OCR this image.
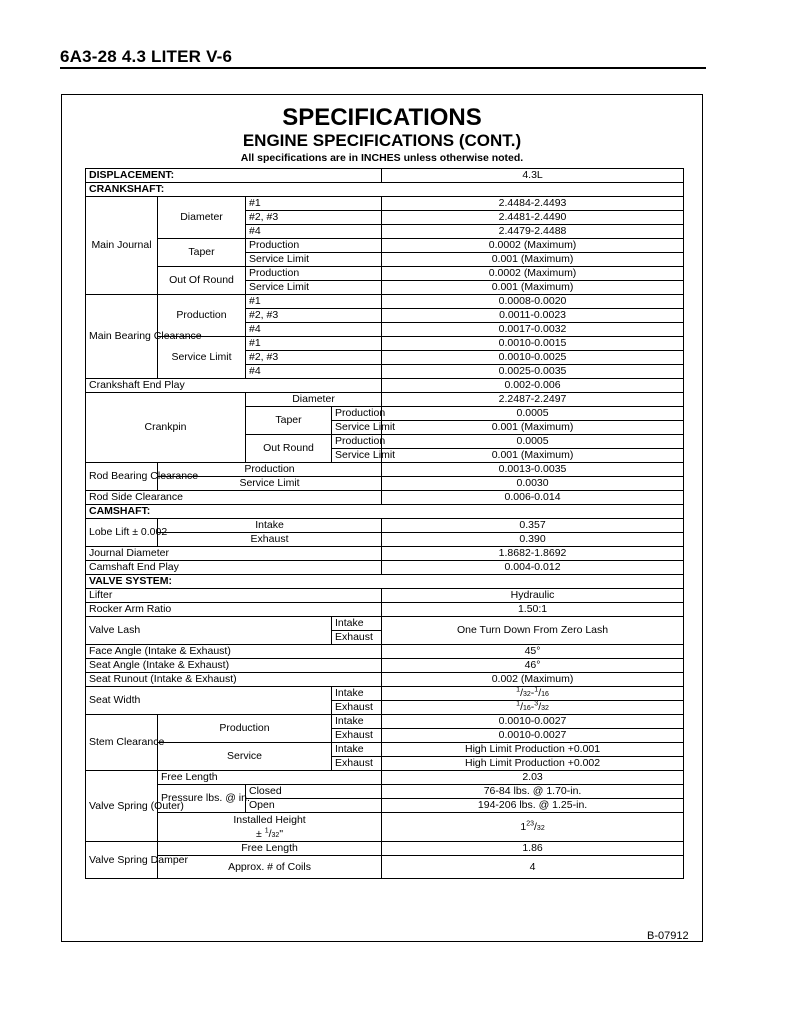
6A3-28 4.3 LITER V-6
SPECIFICATIONS
ENGINE SPECIFICATIONS (CONT.)
All specifications are in INCHES unless otherwise noted.
DISPLACEMENT:				4.3L
CRANKSHAFT:				
Main Journal	Diameter	#1		2.4484-2.4493
		#2, #3		2.4481-2.4490
		#4		2.4479-2.4488
	Taper	Production		0.0002 (Maximum)
		Service Limit		0.001 (Maximum)
	Out Of Round	Production		0.0002 (Maximum)
		Service Limit		0.001 (Maximum)
Main Bearing Clearance	Production	#1		0.0008-0.0020
		#2, #3		0.0011-0.0023
		#4		0.0017-0.0032
	Service Limit	#1		0.0010-0.0015
		#2, #3		0.0010-0.0025
		#4		0.0025-0.0035
Crankshaft End Play				0.002-0.006
Crankpin		Diameter		2.2487-2.2497
		Taper	Production	0.0005
			Service Limit	0.001 (Maximum)
		Out Round	Production	0.0005
			Service Limit	0.001 (Maximum)
Rod Bearing Clearance	Production			0.0013-0.0035
	Service Limit			0.0030
Rod Side Clearance				0.006-0.014
CAMSHAFT:				
Lobe Lift ± 0.002	Intake			0.357
	Exhaust			0.390
Journal Diameter				1.8682-1.8692
Camshaft End Play				0.004-0.012
VALVE SYSTEM:				
Lifter				Hydraulic
Rocker Arm Ratio				1.50:1
Valve Lash			Intake	One Turn Down From Zero Lash
			Exhaust	
Face Angle (Intake & Exhaust)				45°
Seat Angle (Intake & Exhaust)				46°
Seat Runout (Intake & Exhaust)				0.002 (Maximum)
Seat Width			Intake	$^1$/32-$^1$/16
			Exhaust	$^1$/16-$^3$/32
Stem Clearance	Production		Intake	0.0010-0.0027
			Exhaust	0.0010-0.0027
	Service		Intake	High Limit Production +0.001
			Exhaust	High Limit Production +0.002
Valve Spring (Outer)	Free Length			2.03
	Pressure lbs. @ in.	Closed		76-84 lbs. @ 1.70-in.
		Open		194-206 lbs. @ 1.25-in.
	Installed Height
± $^1$/32"			$1^{23}/32$

Valve Spring Damper	Free Length			1.86
	Approx. # of Coils			4
B-07912
